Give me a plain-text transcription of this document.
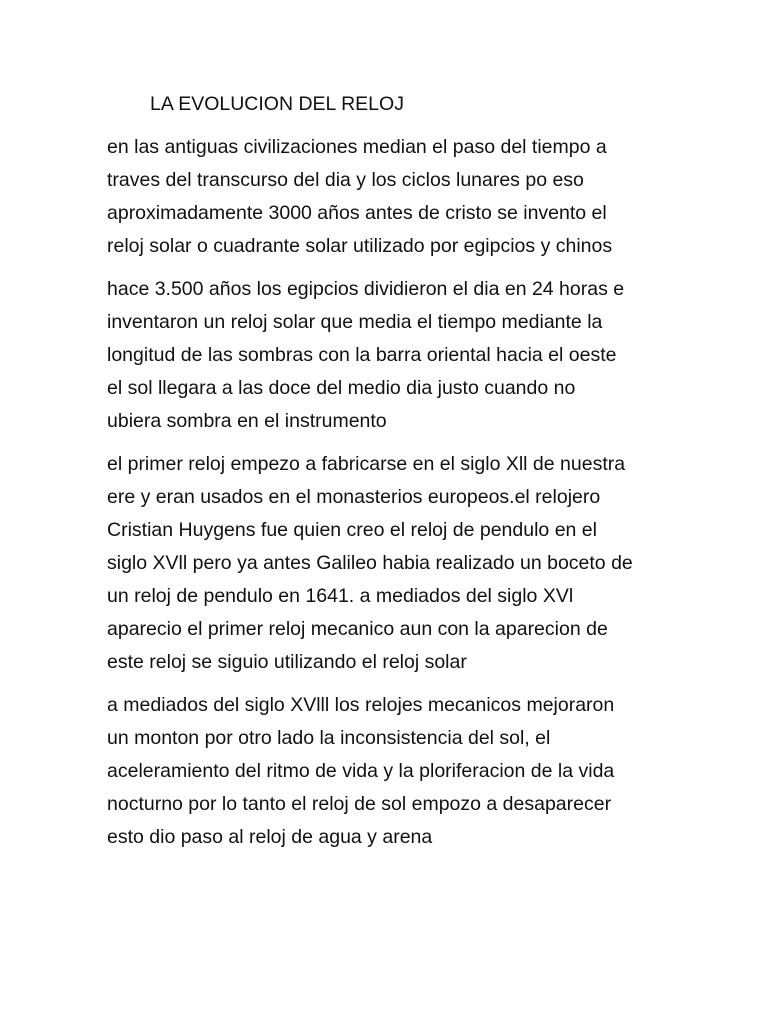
LA EVOLUCION DEL RELOJ

en las antiguas civilizaciones median el paso del tiempo a
traves del transcurso del dia y los ciclos lunares po eso
aproximadamente 3000 años antes de cristo se invento el
reloj solar o cuadrante solar utilizado por egipcios y chinos

hace 3.500 años los egipcios dividieron el dia en 24 horas e
inventaron un reloj solar que media el tiempo mediante la
longitud de las sombras con la barra oriental hacia el oeste
el sol llegara a las doce del medio dia justo cuando no
ubiera sombra en el instrumento

el primer reloj empezo a fabricarse en el siglo Xll de nuestra
ere y eran usados en el monasterios europeos.el relojero
Cristian Huygens fue quien creo el reloj de pendulo en el
siglo XVll pero ya antes Galileo habia realizado un boceto de
un reloj de pendulo en 1641. a mediados del siglo XVl
aparecio el primer reloj mecanico aun con la aparecion de
este reloj se siguio utilizando el reloj solar

a mediados del siglo XVlll los relojes mecanicos mejoraron
un monton por otro lado la inconsistencia del sol, el
aceleramiento del ritmo de vida y la ploriferacion de la vida
nocturno por lo tanto el reloj de sol empozo a desaparecer
esto dio paso al reloj de agua y arena
